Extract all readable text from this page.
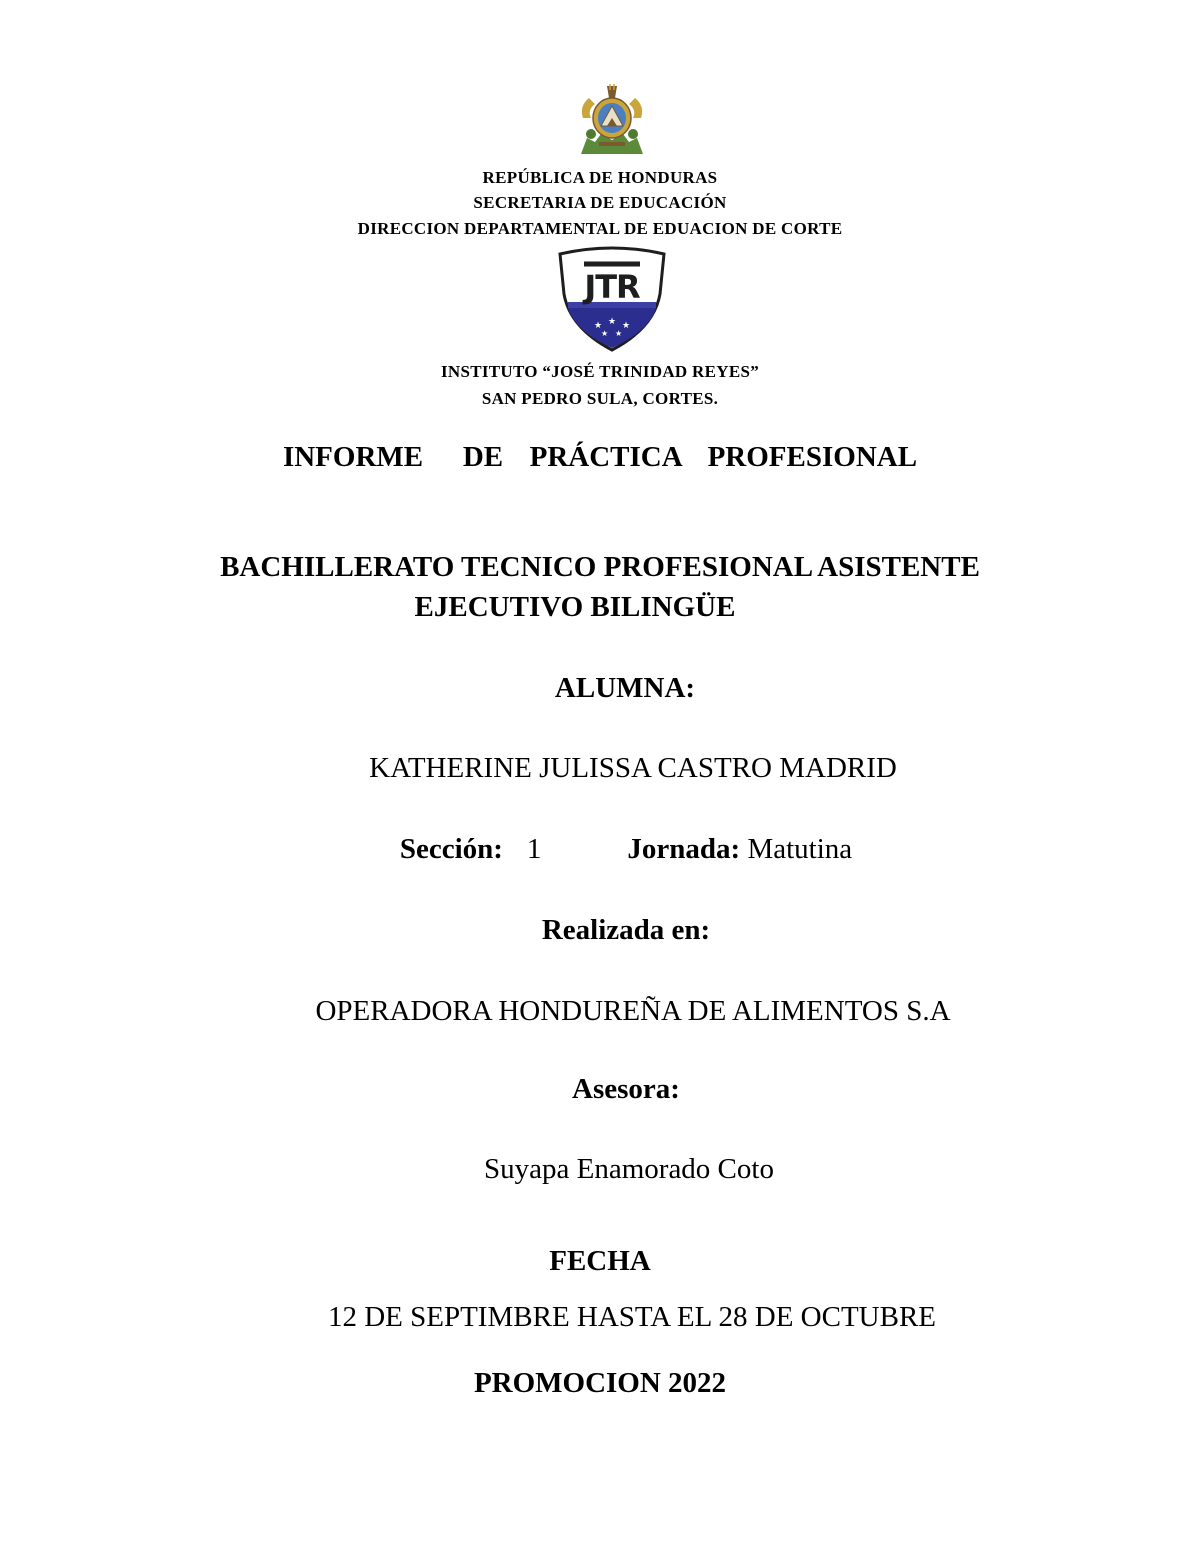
REPÚBLICA DE HONDURAS
SECRETARIA DE EDUCACIÓN
DIRECCION DEPARTAMENTAL DE EDUACION DE CORTE
★ ★ ★
★ ★
JTR
INSTITUTO “JOSÉ TRINIDAD REYES”
SAN PEDRO SULA, CORTES.
INFORME   DE  PRÁCTICA  PROFESIONAL
BACHILLERATO TECNICO PROFESIONAL ASISTENTE
EJECUTIVO BILINGÜE
ALUMNA:
KATHERINE JULISSA CASTRO MADRID
Sección: 1	Jornada: Matutina
Realizada en:
OPERADORA HONDUREÑA DE ALIMENTOS S.A
Asesora:
Suyapa Enamorado Coto
FECHA
12 DE SEPTIMBRE HASTA EL 28 DE OCTUBRE
PROMOCION 2022
